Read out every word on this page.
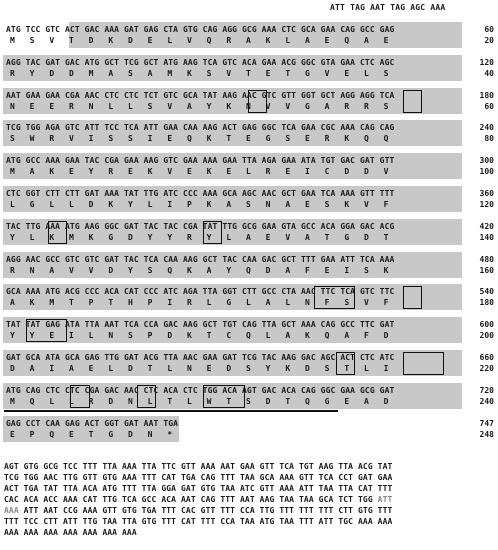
ATT TAG AAT TAG AGC AAA
ATG TCC GTC ACT GAC AAA GAT GAG CTA GTG CAG AGG GCG AAA CTC GCA GAA CAG GCC GAG
M   S   V   T   D   K   D   E   L   V   Q   R   A   K   L   A   E   Q   A   E
60
20
AGG TAC GAT GAC ATG GCT TCG GCT ATG AAG TCA GTC ACA GAA ACG GGC GTA GAA CTC AGC
R   Y   D   D   M   A   S   A   M   K   S   V   T   E   T   G   V   E   L   S
120
40
AAT GAA GAA CGA AAC CTC CTC TCT GTC GCA TAT AAG AAC GTC GTT GGT GCT AGG AGG TCA
N   E   E   R   N   L   L   S   V   A   Y   K   N   V   V   G   A   R   R   S
180
60
TCG TGG AGA GTC ATT TCC TCA ATT GAA CAA AAG ACT GAG GGC TCA GAA CGC AAA CAG CAG
S   W   R   V   I   S   S   I   E   Q   K   T   E   G   S   E   R   K   Q   Q
240
80
ATG GCC AAA GAA TAC CGA GAA AAG GTC GAA AAA GAA TTA AGA GAA ATA TGT GAC GAT GTT
M   A   K   E   Y   R   E   K   V   E   K   E   L   R   E   I   C   D   D   V
300
100
CTC GGT CTT CTT GAT AAA TAT TTG ATC CCC AAA GCA AGC AAC GCT GAA TCA AAA GTT TTT
L   G   L   L   D   K   Y   L   I   P   K   A   S   N   A   E   S   K   V   F
360
120
TAC TTG AAA ATG AAG GGC GAT TAC TAC CGA TAT TTG GCG GAA GTA GCC ACA GGA GAC ACG
Y   L   K   M   K   G   D   Y   Y   R   Y   L   A   E   V   A   T   G   D   T
420
140
AGG AAC GCC GTC GTC GAT TAC TCA CAA AAG GCT TAC CAA GAC GCT TTT GAA ATT TCA AAA
R   N   A   V   V   D   Y   S   Q   K   A   Y   Q   D   A   F   E   I   S   K
480
160
GCA AAA ATG ACG CCC ACA CAT CCC ATC AGA TTA GGT CTT GCC CTA AAC TTC TCA GTC TTC
A   K   M   T   P   T   H   P   I   R   L   G   L   A   L   N   F   S   V   F
540
180
TAT TAT GAG ATA TTA AAT TCA CCA GAC AAG GCT TGT CAG TTA GCT AAA CAG GCC TTC GAT
Y   Y   E   I   L   N   S   P   D   K   T   C   Q   L   A   K   Q   A   F   D
600
200
GAT GCA ATA GCA GAG TTG GAT ACG TTA AAC GAA GAT TCG TAC AAG GAC AGC ACT CTC ATC
D   A   I   A   E   L   D   T   L   N   E   D   S   Y   K   D   S   T   L   I
660
220
ATG CAG CTC CTC CGA GAC AAC CTC ACA CTC TGG ACA AGT GAC ACA CAG GGC GAA GCG GAT
M   Q   L   L   R   D   N   L   T   L   W   T   S   D   T   Q   G   E   A   D
720
240
GAG CCT CAA GAG ACT GGT GAT AAT TGA
E   P   Q   E   T   G   D   N   *
747
248
AGT GTG GCG TCC TTT TTA AAA TTA TTC GTT AAA AAT GAA GTT TCA TGT AAG TTA ACG TAT
TCG TGG AAC TTG GTT GTG AAA TTT CAT TGA CAG TTT TAA GCA AAA GTT TCA CCT GAT GAA
ACT TGA TAT TTA ACA ATG TTT TTA GGA GAT GTG TAA ATC GTT AAA ATT TAA TTA CAT TTT
CAC ACA ACC AAA CAT TTG TCA GCC ACA AAT CAG TTT AAT AAG TAA TAA GCA TCT TGG ATT
AAA ATT AAT CCG AAA GTT GTG TGA TTT CAC GTT TTT CCA TTG TTT TTT TTT CTT GTG TTT
TTT TCC CTT ATT TTG TAA TTA GTG TTT CAT TTT CCA TAA ATG TAA TTT ATT TGC AAA AAA
AAA AAA AAA AAA AAA AAA AAA
